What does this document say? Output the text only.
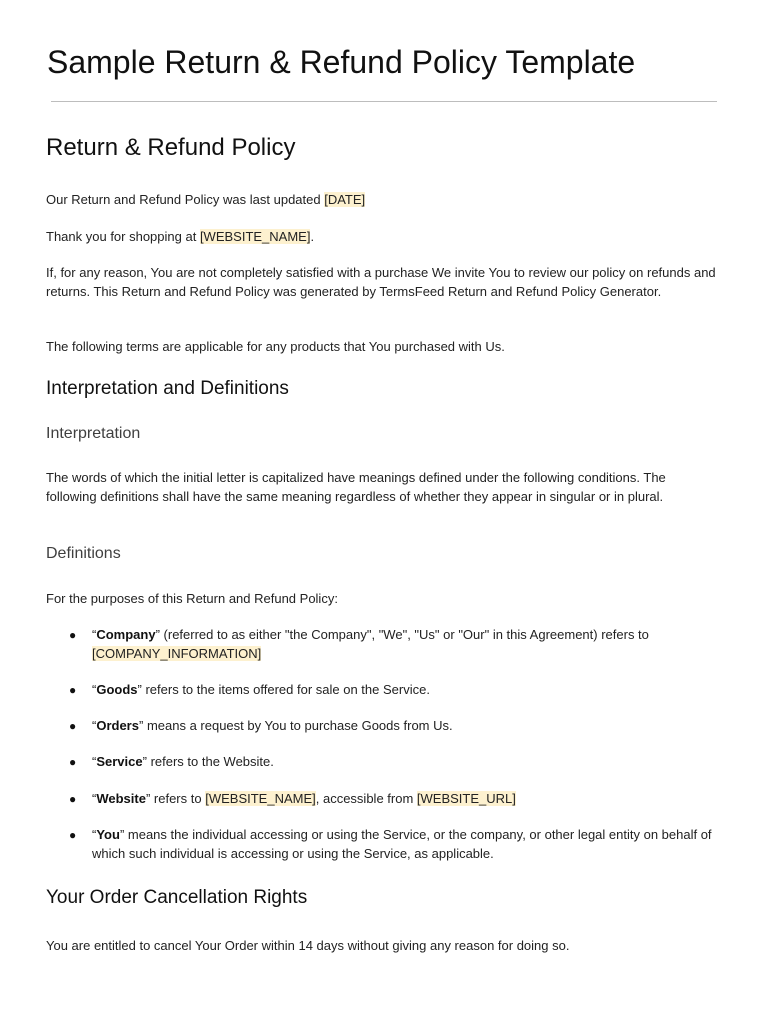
Sample Return & Refund Policy Template
Return & Refund Policy

Our Return and Refund Policy was last updated [DATE]

Thank you for shopping at [WEBSITE_NAME].

If, for any reason, You are not completely satisfied with a purchase We invite You to review our policy on refunds and returns. This Return and Refund Policy was generated by TermsFeed Return and Refund Policy Generator.

The following terms are applicable for any products that You purchased with Us.

Interpretation and Definitions
Interpretation

The words of which the initial letter is capitalized have meanings defined under the following conditions. The following definitions shall have the same meaning regardless of whether they appear in singular or in plural.

Definitions

For the purposes of this Return and Refund Policy:

● “Company” (referred to as either "the Company", "We", "Us" or "Our" in this Agreement) refers to [COMPANY_INFORMATION]
● “Goods” refers to the items offered for sale on the Service.
● “Orders” means a request by You to purchase Goods from Us.
● “Service” refers to the Website.
● “Website” refers to [WEBSITE_NAME], accessible from [WEBSITE_URL]
● “You” means the individual accessing or using the Service, or the company, or other legal entity on behalf of which such individual is accessing or using the Service, as applicable.
Your Order Cancellation Rights

You are entitled to cancel Your Order within 14 days without giving any reason for doing so.
